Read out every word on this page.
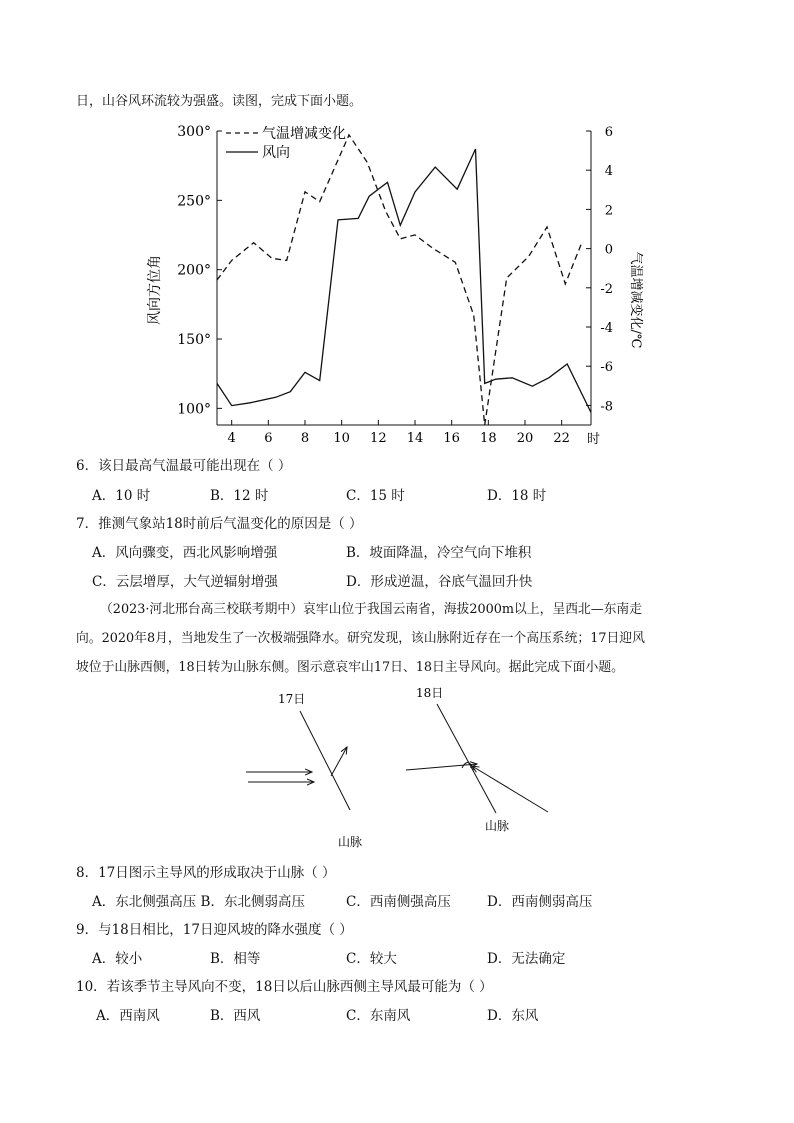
日，山谷风环流较为强盛。读图，完成下面小题。
4 6 8 10 12 14 16 18 20 22
300°
250°
200°
150°
100°
6
4
2
0
-2
-4
-6
-8
气温增减变化
风向
风向方位角	气温增减变化/℃
时
6．该日最高气温最可能出现在（ ）
A．10 时	B．12 时	C．15 时	D．18 时
7．推测气象站18时前后气温变化的原因是（ ）
A．风向骤变，西北风影响增强	B．坡面降温，冷空气向下堆积
C．云层增厚，大气逆辐射增强	D．形成逆温，谷底气温回升快
（2023·河北邢台高三校联考期中）哀牢山位于我国云南省，海拔2000m以上，呈西北—东南走
向。2020年8月，当地发生了一次极端强降水。研究发现，该山脉附近存在一个高压系统；17日迎风
坡位于山脉西侧，18日转为山脉东侧。图示意哀牢山17日、18日主导风向。据此完成下面小题。
17日
山脉
18日
山脉
8．17日图示主导风的形成取决于山脉（ ）
A．东北侧强高压 B．东北侧弱高压	C．西南侧强高压	D．西南侧弱高压
9．与18日相比，17日迎风坡的降水强度（ ）
A．较小	B．相等	C．较大	D．无法确定
10．若该季节主导风向不变，18日以后山脉西侧主导风最可能为（ ）
A．西南风	B．西风	C．东南风	D．东风
